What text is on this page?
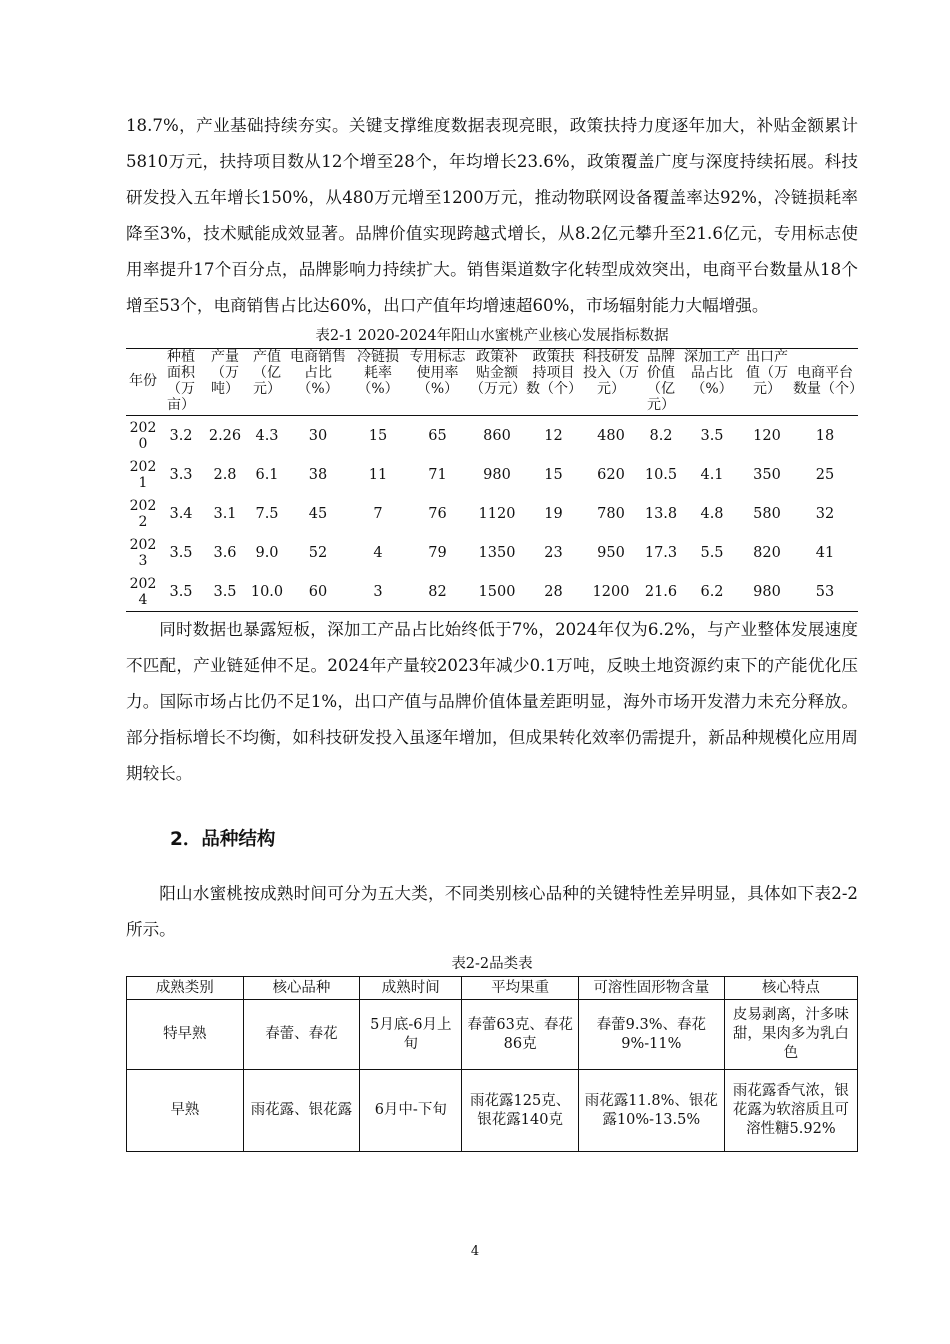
18.7%，产业基础持续夯实。关键支撑维度数据表现亮眼，政策扶持力度逐年加大，补贴金额累计5810万元，扶持项目数从12个增至28个，年均增长23.6%，政策覆盖广度与深度持续拓展。科技研发投入五年增长150%，从480万元增至1200万元，推动物联网设备覆盖率达92%，冷链损耗率降至3%，技术赋能成效显著。品牌价值实现跨越式增长，从8.2亿元攀升至21.6亿元，专用标志使用率提升17个百分点，品牌影响力持续扩大。销售渠道数字化转型成效突出，电商平台数量从18个增至53个，电商销售占比达60%，出口产值年均增速超60%，市场辐射能力大幅增强。

表2-1 2020-2024年阳山水蜜桃产业核心发展指标数据
年份	种植面积（万亩）	产量（万吨）	产值（亿元）	电商销售占比（%）	冷链损耗率（%）	专用标志使用率（%）	政策补贴金额（万元）	政策扶持项目数（个）	科技研发投入（万元）	品牌价值（亿元）	深加工产品占比（%）	出口产值（万元）	电商平台数量（个）
2020	3.2	2.26	4.3	30	15	65	860	12	480	8.2	3.5	120	18
2021	3.3	2.8	6.1	38	11	71	980	15	620	10.5	4.1	350	25
2022	3.4	3.1	7.5	45	7	76	1120	19	780	13.8	4.8	580	32
2023	3.5	3.6	9.0	52	4	79	1350	23	950	17.3	5.5	820	41
2024	3.5	3.5	10.0	60	3	82	1500	28	1200	21.6	6.2	980	53

同时数据也暴露短板，深加工产品占比始终低于7%，2024年仅为6.2%，与产业整体发展速度不匹配，产业链延伸不足。2024年产量较2023年减少0.1万吨，反映土地资源约束下的产能优化压力。国际市场占比仍不足1%，出口产值与品牌价值体量差距明显，海外市场开发潜力未充分释放。部分指标增长不均衡，如科技研发投入虽逐年增加，但成果转化效率仍需提升，新品种规模化应用周期较长。

2．品种结构

阳山水蜜桃按成熟时间可分为五大类，不同类别核心品种的关键特性差异明显，具体如下表2-2所示。

表2-2品类表
成熟类别	核心品种	成熟时间	平均果重	可溶性固形物含量	核心特点
特早熟	春蕾、春花	5月底-6月上旬	春蕾63克、春花86克	春蕾9.3%、春花9%-11%	皮易剥离，汁多味甜，果肉多为乳白色
早熟	雨花露、银花露	6月中-下旬	雨花露125克、银花露140克	雨花露11.8%、银花露10%-13.5%	雨花露香气浓，银花露为软溶质且可溶性糖5.92%
4
